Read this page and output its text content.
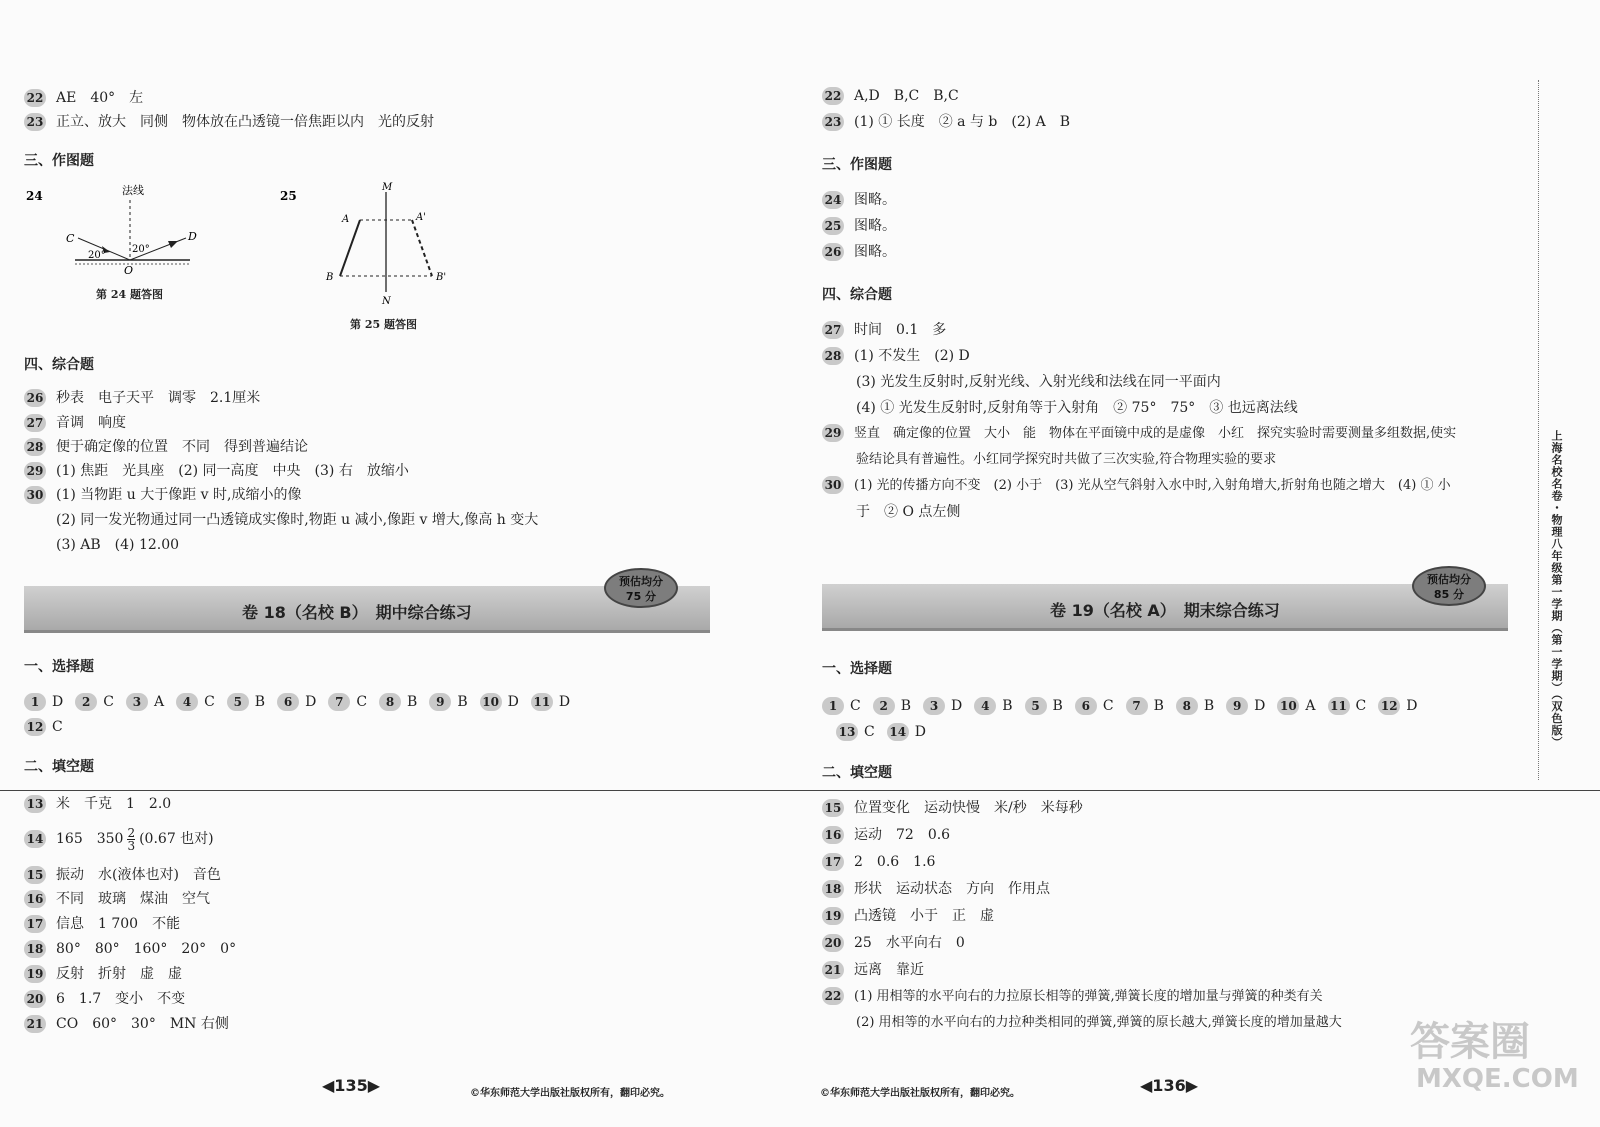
22 AE　40°　左
23 正立、放大　同侧　物体放在凸透镜一倍焦距以内　光的反射
三、作图题
24	法线
C	D
O
20°
20°
第 24 题答图
25
M
N
A	A'
B	B'
第 25 题答图
四、综合题
26 秒表　电子天平　调零　2.1厘米
27 音调　响度
28 便于确定像的位置　不同　得到普遍结论
29 (1) 焦距　光具座　(2) 同一高度　中央　(3) 右　放缩小
30 (1) 当物距 u 大于像距 v 时,成缩小的像
(2) 同一发光物通过同一凸透镜成实像时,物距 u 减小,像距 v 增大,像高 h 变大
(3) AB　(4) 12.00
卷 18（名校 B）　期中综合练习
预估均分
75 分
一、选择题
1 D 2 C 3 A 4 C 5 B 6 D 7 C 8 B 9 B 10 D 11 D
12 C
二、填空题
13 米　千克　1　2.0
14 165　$350 \frac{2}{3} (0.67$ 也对)
15 振动　水(液体也对)　音色
16 不同　玻璃　煤油　空气
17 信息　1 700　不能
18 80°　80°　160°　20°　0°
19 反射　折射　虚　虚
20 6　1.7　变小　不变
21 CO　60°　30°　MN 右侧
◀135▶	©华东师范大学出版社版权所有，翻印必究。
22 A,D　B,C　B,C
23 (1) ① 长度　② a 与 b　(2) A　B
三、作图题
24 图略。
25 图略。
26 图略。
四、综合题
27 时间　0.1　多
28 (1) 不发生　(2) D
(3) 光发生反射时,反射光线、入射光线和法线在同一平面内
(4) ① 光发生反射时,反射角等于入射角　② 75°　75°　③ 也远离法线
29 竖直　确定像的位置　大小　能　物体在平面镜中成的是虚像　小红　探究实验时需要测量多组数据,使实
验结论具有普遍性。小红同学探究时共做了三次实验,符合物理实验的要求
30 (1) 光的传播方向不变　(2) 小于　(3) 光从空气斜射入水中时,入射角增大,折射角也随之增大　(4) ① 小
于　② O 点左侧
卷 19（名校 A）　期末综合练习
预估均分
85 分
一、选择题
1 C 2 B 3 D 4 B 5 B 6 C 7 B 8 B 9 D 10 A 11 C 12 D
13 C 14 D
二、填空题
15 位置变化　运动快慢　米/秒　米每秒
16 运动　72　0.6
17 2　0.6　1.6
18 形状　运动状态　方向　作用点
19 凸透镜　小于　正　虚
20 25　水平向右　0
21 远离　靠近
22 (1) 用相等的水平向右的力拉原长相等的弹簧,弹簧长度的增加量与弹簧的种类有关
(2) 用相等的水平向右的力拉种类相同的弹簧,弹簧的原长越大,弹簧长度的增加量越大
©华东师范大学出版社版权所有，翻印必究。	◀136▶
上海名校名卷・物理八年级第一学期（第一学期）（双色版）
答案圈
MXQE.COM
